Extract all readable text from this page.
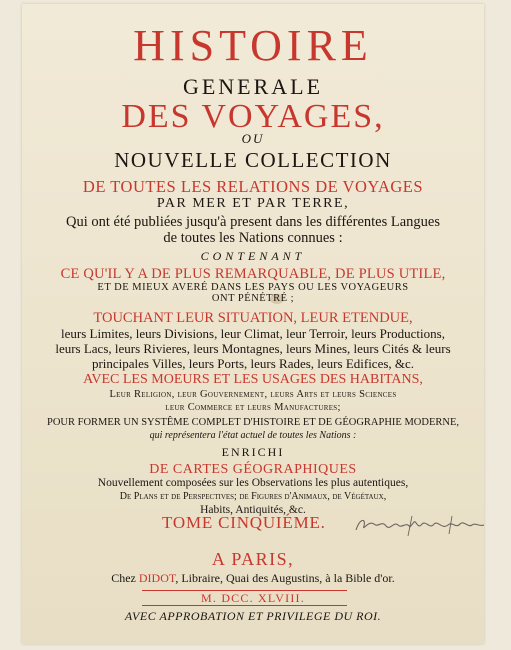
HISTOIRE
GENERALE
DES VOYAGES,
OU
NOUVELLE COLLECTION
DE TOUTES LES RELATIONS DE VOYAGES
PAR MER ET PAR TERRE,
Qui ont été publiées jusqu'à present dans les différentes Langues
de toutes les Nations connues :
CONTENANT
CE QU'IL Y A DE PLUS REMARQUABLE, DE PLUS UTILE,
ET DE MIEUX AVERÉ DANS LES PAYS OU LES VOYAGEURS
ONT PÉNÉTRÉ ;
TOUCHANT LEUR SITUATION, LEUR ETENDUE,
leurs Limites, leurs Divisions, leur Climat, leur Terroir, leurs Productions,
leurs Lacs, leurs Rivieres, leurs Montagnes, leurs Mines, leurs Cités & leurs
principales Villes, leurs Ports, leurs Rades, leurs Edifices, &c.
AVEC LES MOEURS ET LES USAGES DES HABITANS,
Leur Religion, leur Gouvernement, leurs Arts et leurs Sciences
leur Commerce et leurs Manufactures;
POUR FORMER UN SYSTÊME COMPLET D'HISTOIRE ET DE GÉOGRAPHIE MODERNE,
qui représentera l'état actuel de toutes les Nations :
ENRICHI
DE CARTES GÉOGRAPHIQUES
Nouvellement composées sur les Observations les plus autentiques,
De Plans et de Perspectives; de Figures d'Animaux, de Végétaux,
Habits, Antiquités, &c.
TOME CINQUIÉME.
A PARIS,
Chez DIDOT, Libraire, Quai des Augustins, à la Bible d'or.
M. DCC. XLVIII.
AVEC APPROBATION ET PRIVILEGE DU ROI.
